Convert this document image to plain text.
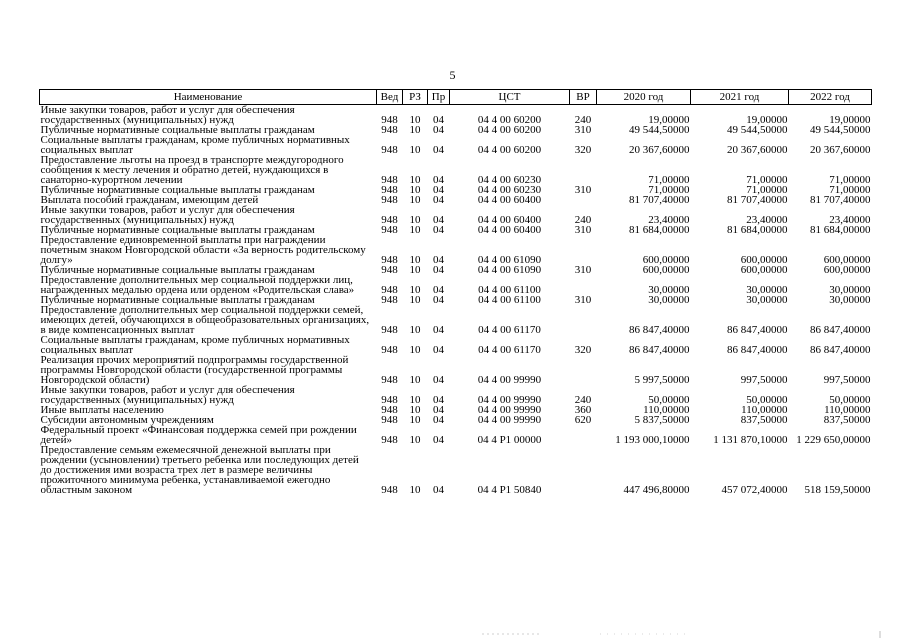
5
Наименование	Вед	РЗ	Пр	ЦСТ	ВР	2020 год	2021 год	2022 год
Иные закупки товаров, работ и услуг для обеспечения государственных (муниципальных) нужд	948	10	04	04 4 00 60200	240	19,00000	19,00000	19,00000
Публичные нормативные социальные выплаты гражданам	948	10	04	04 4 00 60200	310	49 544,50000	49 544,50000	49 544,50000
Социальные выплаты гражданам, кроме публичных нормативных социальных выплат	948	10	04	04 4 00 60200	320	20 367,60000	20 367,60000	20 367,60000
Предоставление льготы на проезд в транспорте междугородного сообщения к месту лечения и обратно детей, нуждающихся в санаторно-курортном лечении	948	10	04	04 4 00 60230		71,00000	71,00000	71,00000
Публичные нормативные социальные выплаты гражданам	948	10	04	04 4 00 60230	310	71,00000	71,00000	71,00000
Выплата пособий гражданам, имеющим детей	948	10	04	04 4 00 60400		81 707,40000	81 707,40000	81 707,40000
Иные закупки товаров, работ и услуг для обеспечения государственных (муниципальных) нужд	948	10	04	04 4 00 60400	240	23,40000	23,40000	23,40000
Публичные нормативные социальные выплаты гражданам	948	10	04	04 4 00 60400	310	81 684,00000	81 684,00000	81 684,00000
Предоставление единовременной выплаты при награждении почетным знаком Новгородской области «За верность родительскому долгу»	948	10	04	04 4 00 61090		600,00000	600,00000	600,00000
Публичные нормативные социальные выплаты гражданам	948	10	04	04 4 00 61090	310	600,00000	600,00000	600,00000
Предоставление дополнительных мер социальной поддержки лиц, награжденных медалью ордена или орденом «Родительская слава»	948	10	04	04 4 00 61100		30,00000	30,00000	30,00000
Публичные нормативные социальные выплаты гражданам	948	10	04	04 4 00 61100	310	30,00000	30,00000	30,00000
Предоставление дополнительных мер социальной поддержки семей, имеющих детей, обучающихся в общеобразовательных организациях, в виде компенсационных выплат	948	10	04	04 4 00 61170		86 847,40000	86 847,40000	86 847,40000
Социальные выплаты гражданам, кроме публичных нормативных социальных выплат	948	10	04	04 4 00 61170	320	86 847,40000	86 847,40000	86 847,40000
Реализация прочих мероприятий подпрограммы государственной программы Новгородской области (государственной программы Новгородской области)	948	10	04	04 4 00 99990		5 997,50000	997,50000	997,50000
Иные закупки товаров, работ и услуг для обеспечения государственных (муниципальных) нужд	948	10	04	04 4 00 99990	240	50,00000	50,00000	50,00000
Иные выплаты населению	948	10	04	04 4 00 99990	360	110,00000	110,00000	110,00000
Субсидии автономным учреждениям	948	10	04	04 4 00 99990	620	5 837,50000	837,50000	837,50000
Федеральный проект «Финансовая поддержка семей при рождении детей»	948	10	04	04 4 P1 00000		1 193 000,10000	1 131 870,10000	1 229 650,00000
Предоставление семьям ежемесячной денежной выплаты при рождении (усыновлении) третьего ребенка или последующих детей до достижения ими возраста трех лет в размере величины прожиточного минимума ребенка, устанавливаемой ежегодно областным законом	948	10	04	04 4 P1 50840		447 496,80000	457 072,40000	518 159,50000
